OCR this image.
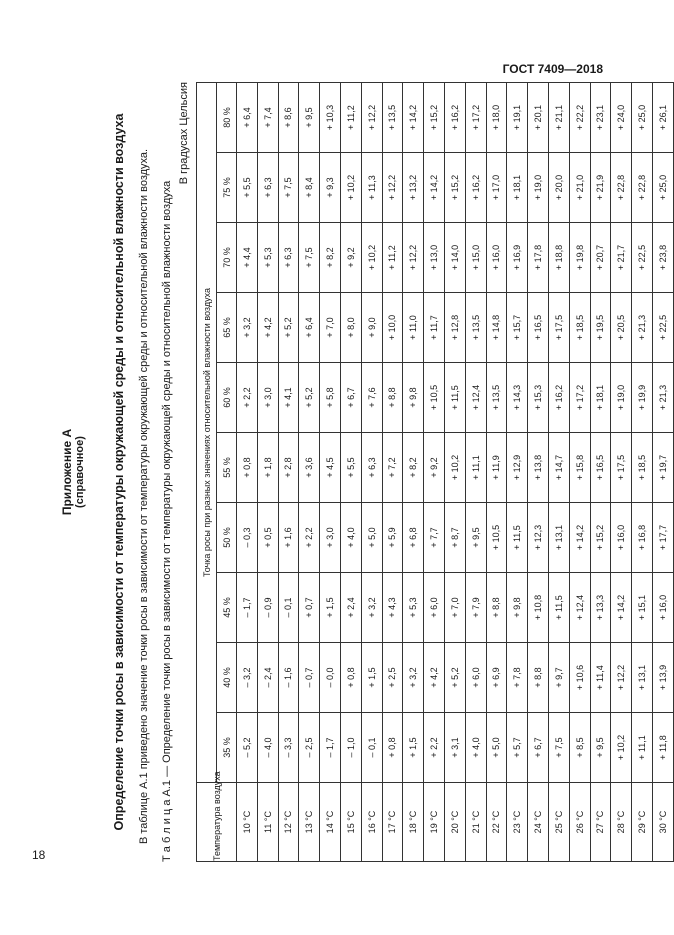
ГОСТ 7409—2018
18
Приложение А (справочное) Определение точки росы в зависимости от температуры окружающей среды и относительной влажности воздуха В таблице А.1 приведено значение точки росы в зависимости от температуры окружающей среды и относительной влажности воздуха. Т а б л и ц а А.1 — Определение точки росы в зависимости от температуры окружающей среды и относительной влажности воздуха
В градусах Цельсия
Температура воздуха	Точка росы при разных значениях относительной влажности воздуха									
	35 %	40 %	45 %	50 %	55 %	60 %	65 %	70 %	75 %	80 %
10 °С	– 5,2	– 3,2	– 1,7	– 0,3	+ 0,8	+ 2,2	+ 3,2	+ 4,4	+ 5,5	+ 6,4
11 °С	– 4,0	– 2,4	– 0,9	+ 0,5	+ 1,8	+ 3,0	+ 4,2	+ 5,3	+ 6,3	+ 7,4
12 °С	– 3,3	– 1,6	– 0,1	+ 1,6	+ 2,8	+ 4,1	+ 5,2	+ 6,3	+ 7,5	+ 8,6
13 °С	– 2,5	– 0,7	+ 0,7	+ 2,2	+ 3,6	+ 5,2	+ 6,4	+ 7,5	+ 8,4	+ 9,5
14 °С	– 1,7	– 0,0	+ 1,5	+ 3,0	+ 4,5	+ 5,8	+ 7,0	+ 8,2	+ 9,3	+ 10,3
15 °С	– 1,0	+ 0,8	+ 2,4	+ 4,0	+ 5,5	+ 6,7	+ 8,0	+ 9,2	+ 10,2	+ 11,2
16 °С	– 0,1	+ 1,5	+ 3,2	+ 5,0	+ 6,3	+ 7,6	+ 9,0	+ 10,2	+ 11,3	+ 12,2
17 °С	+ 0,8	+ 2,5	+ 4,3	+ 5,9	+ 7,2	+ 8,8	+ 10,0	+ 11,2	+ 12,2	+ 13,5
18 °С	+ 1,5	+ 3,2	+ 5,3	+ 6,8	+ 8,2	+ 9,8	+ 11,0	+ 12,2	+ 13,2	+ 14,2
19 °С	+ 2,2	+ 4,2	+ 6,0	+ 7,7	+ 9,2	+ 10,5	+ 11,7	+ 13,0	+ 14,2	+ 15,2
20 °С	+ 3,1	+ 5,2	+ 7,0	+ 8,7	+ 10,2	+ 11,5	+ 12,8	+ 14,0	+ 15,2	+ 16,2
21 °С	+ 4,0	+ 6,0	+ 7,9	+ 9,5	+ 11,1	+ 12,4	+ 13,5	+ 15,0	+ 16,2	+ 17,2
22 °С	+ 5,0	+ 6,9	+ 8,8	+ 10,5	+ 11,9	+ 13,5	+ 14,8	+ 16,0	+ 17,0	+ 18,0
23 °С	+ 5,7	+ 7,8	+ 9,8	+ 11,5	+ 12,9	+ 14,3	+ 15,7	+ 16,9	+ 18,1	+ 19,1
24 °С	+ 6,7	+ 8,8	+ 10,8	+ 12,3	+ 13,8	+ 15,3	+ 16,5	+ 17,8	+ 19,0	+ 20,1
25 °С	+ 7,5	+ 9,7	+ 11,5	+ 13,1	+ 14,7	+ 16,2	+ 17,5	+ 18,8	+ 20,0	+ 21,1
26 °С	+ 8,5	+ 10,6	+ 12,4	+ 14,2	+ 15,8	+ 17,2	+ 18,5	+ 19,8	+ 21,0	+ 22,2
27 °С	+ 9,5	+ 11,4	+ 13,3	+ 15,2	+ 16,5	+ 18,1	+ 19,5	+ 20,7	+ 21,9	+ 23,1
28 °С	+ 10,2	+ 12,2	+ 14,2	+ 16,0	+ 17,5	+ 19,0	+ 20,5	+ 21,7	+ 22,8	+ 24,0
29 °С	+ 11,1	+ 13,1	+ 15,1	+ 16,8	+ 18,5	+ 19,9	+ 21,3	+ 22,5	+ 22,8	+ 25,0
30 °С	+ 11,8	+ 13,9	+ 16,0	+ 17,7	+ 19,7	+ 21,3	+ 22,5	+ 23,8	+ 25,0	+ 26,1
